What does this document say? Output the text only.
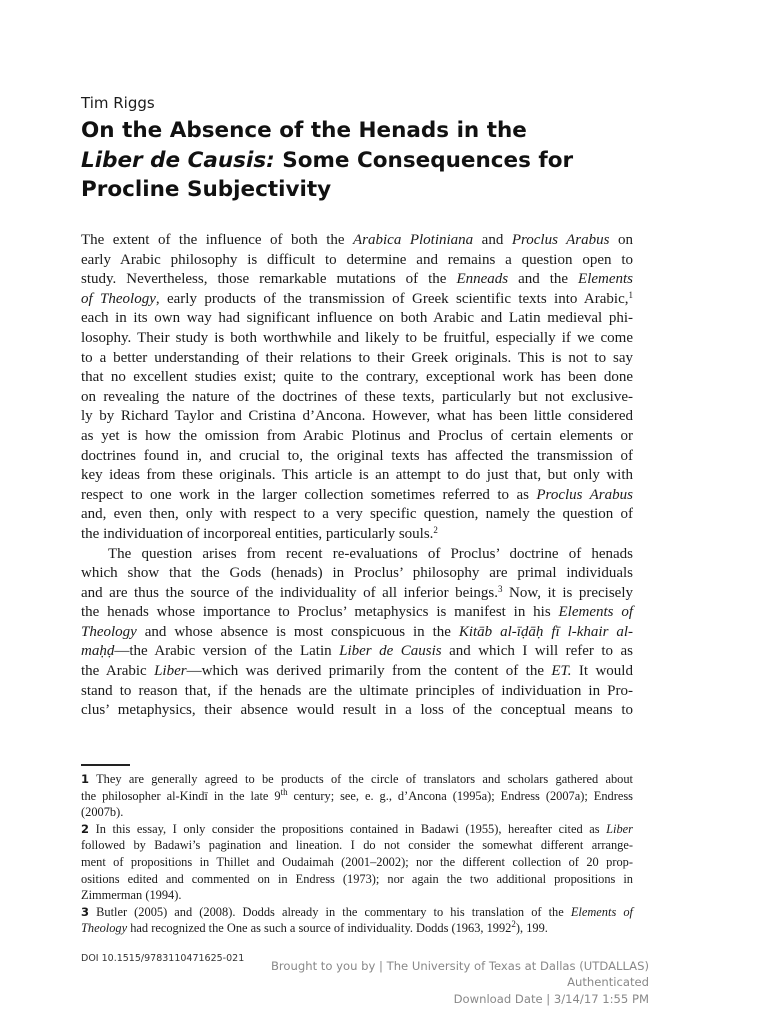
Tim Riggs
On the Absence of the Henads in the
Liber de Causis: Some Consequences for
Procline Subjectivity
The extent of the influence of both the Arabica Plotiniana and Proclus Arabus on
early Arabic philosophy is difficult to determine and remains a question open to
study. Nevertheless, those remarkable mutations of the Enneads and the Elements
of Theology, early products of the transmission of Greek scientific texts into Arabic,$^1$
each in its own way had significant influence on both Arabic and Latin medieval phi-
losophy. Their study is both worthwhile and likely to be fruitful, especially if we come
to a better understanding of their relations to their Greek originals. This is not to say
that no excellent studies exist; quite to the contrary, exceptional work has been done
on revealing the nature of the doctrines of these texts, particularly but not exclusive-
ly by Richard Taylor and Cristina d’Ancona. However, what has been little considered
as yet is how the omission from Arabic Plotinus and Proclus of certain elements or
doctrines found in, and crucial to, the original texts has affected the transmission of
key ideas from these originals. This article is an attempt to do just that, but only with
respect to one work in the larger collection sometimes referred to as Proclus Arabus
and, even then, only with respect to a very specific question, namely the question of
the individuation of incorporeal entities, particularly souls.$^2$
The question arises from recent re-evaluations of Proclus’ doctrine of henads
which show that the Gods (henads) in Proclus’ philosophy are primal individuals
and are thus the source of the individuality of all inferior beings.$^3$ Now, it is precisely
the henads whose importance to Proclus’ metaphysics is manifest in his Elements of
Theology and whose absence is most conspicuous in the Kitāb al-īḍāḥ fī l-khair al-
maḥḍ—the Arabic version of the Latin Liber de Causis and which I will refer to as
the Arabic Liber—which was derived primarily from the content of the ET. It would
stand to reason that, if the henads are the ultimate principles of individuation in Pro-
clus’ metaphysics, their absence would result in a loss of the conceptual means to
1 They are generally agreed to be products of the circle of translators and scholars gathered about
the philosopher al-Kindī in the late 9th century; see, e. g., d’Ancona (1995a); Endress (2007a); Endress
(2007b).
2 In this essay, I only consider the propositions contained in Badawi (1955), hereafter cited as Liber
followed by Badawi’s pagination and lineation. I do not consider the somewhat different arrange-
ment of propositions in Thillet and Oudaimah (2001–2002); nor the different collection of 20 prop-
ositions edited and commented on in Endress (1973); nor again the two additional propositions in
Zimmerman (1994).
3 Butler (2005) and (2008). Dodds already in the commentary to his translation of the Elements of
Theology had recognized the One as such a source of individuality. Dodds (1963, 1992$^2$), 199.
DOI 10.1515/9783110471625-021
Brought to you by | The University of Texas at Dallas (UTDALLAS)
Authenticated
Download Date | 3/14/17 1:55 PM
